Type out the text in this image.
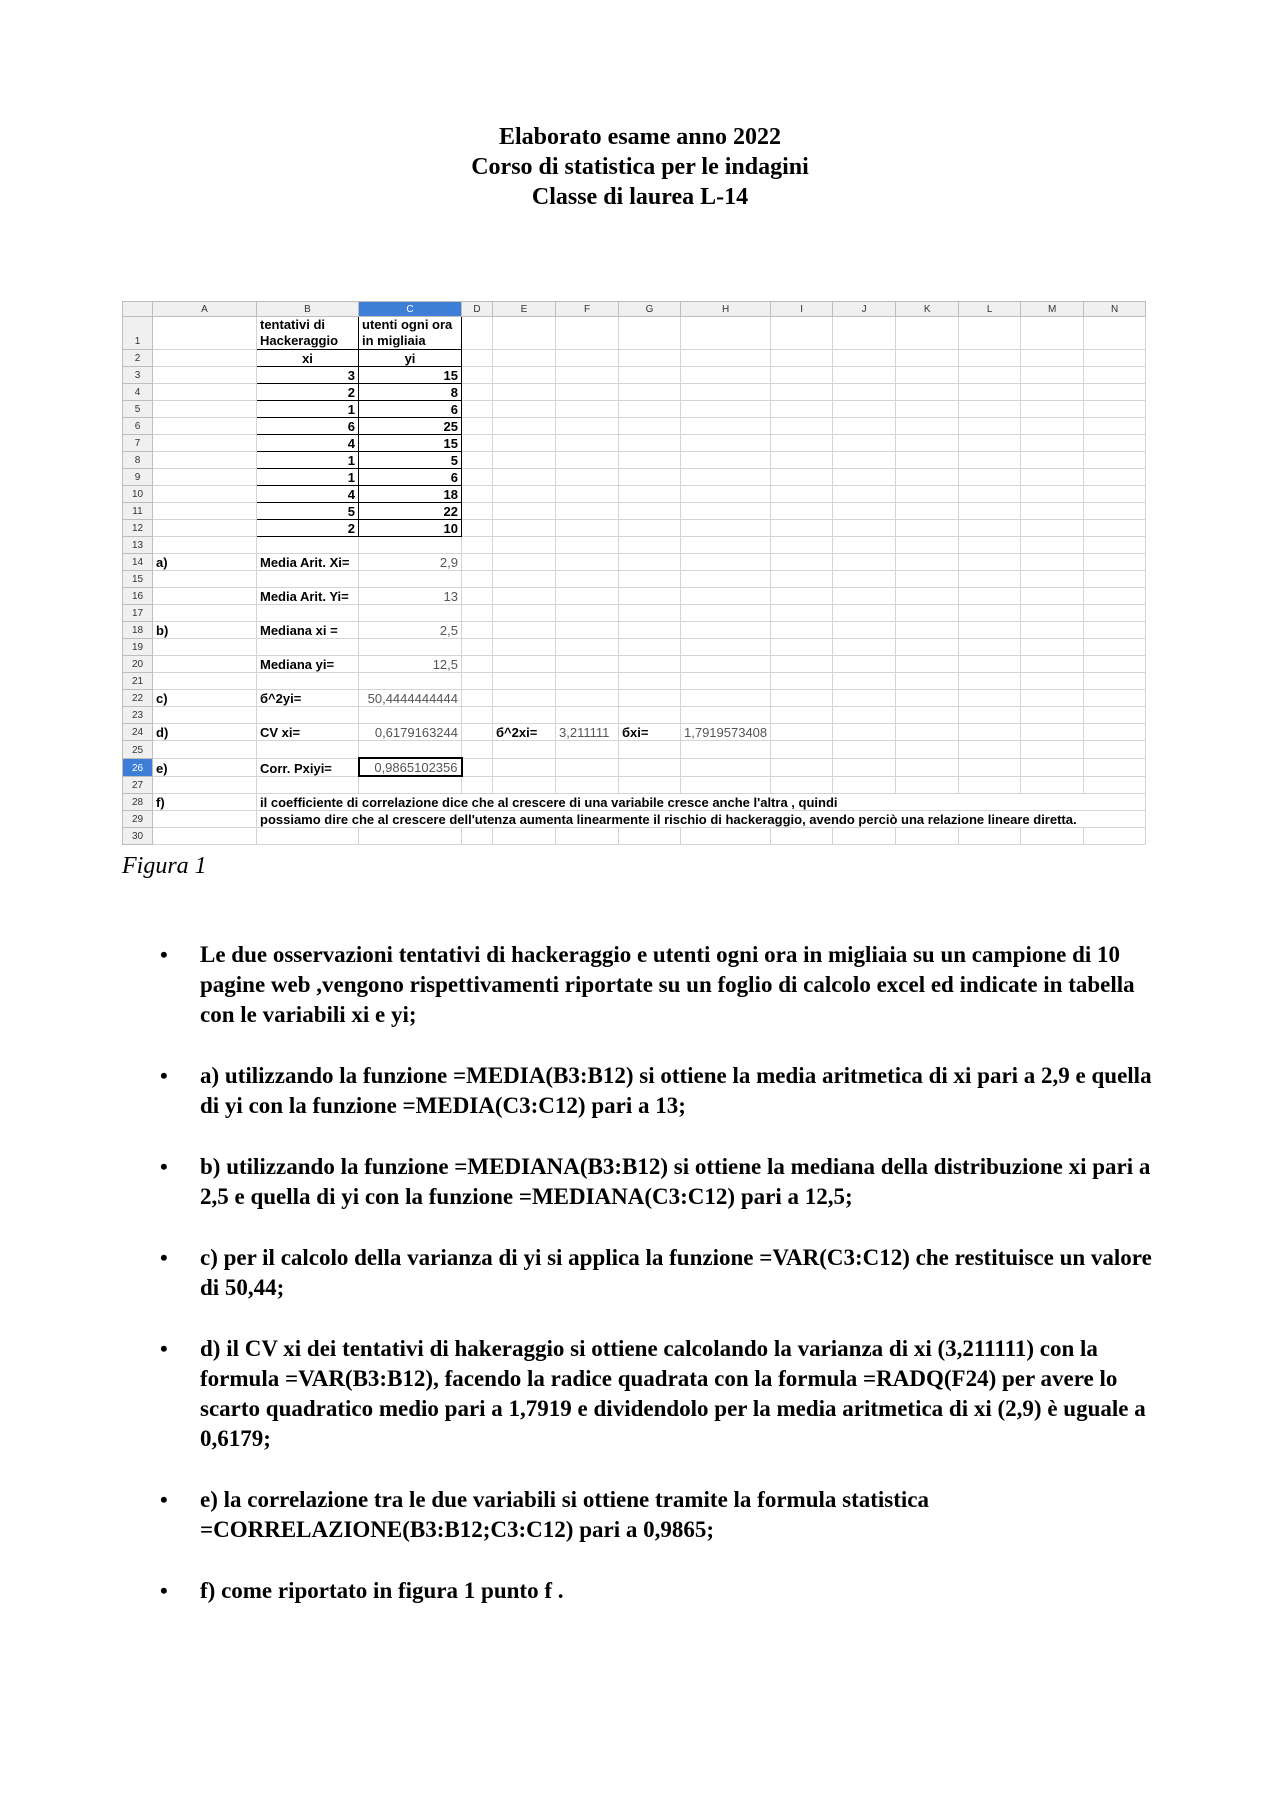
Elaborato esame anno 2022
Corso di statistica per le indagini
Classe di laurea L-14
	A	B	C	D	E	F	G	H	I	J	K	L	M	N
1		tentativi di Hackeraggio	utenti ogni ora in migliaia											
2		xi	yi											
3		3	15											
4		2	8											
5		1	6											
6		6	25											
7		4	15											
8		1	5											
9		1	6											
10		4	18											
11		5	22											
12		2	10											
13														
14	a)	Media Arit. Xi=	2,9											
15														
16		Media Arit. Yi=	13											
17														
18	b)	Mediana xi =	2,5											
19														
20		Mediana yi=	12,5											
21														
22	c)	б^2yi=	50,4444444444											
23														
24	d)	CV xi=	0,6179163244		б^2xi=	3,211111	бxi=	1,7919573408						
25														
26	e)	Corr. Pxiyi=	0,9865102356											
27														
28	f)	il coefficiente di correlazione dice che al crescere di una variabile cresce anche l'altra , quindi												
29		possiamo dire che al crescere dell'utenza aumenta linearmente il rischio di hackeraggio, avendo perciò una relazione lineare diretta.												
30														
Figura 1
• Le due osservazioni tentativi di hackeraggio e utenti ogni ora in migliaia su un campione di 10 pagine web ,vengono rispettivamenti riportate su un foglio di calcolo excel ed indicate in tabella con le variabili xi e yi;
• a) utilizzando la funzione =MEDIA(B3:B12) si ottiene la media aritmetica di xi pari a 2,9 e quella di yi con la funzione =MEDIA(C3:C12) pari a 13;
• b) utilizzando la funzione =MEDIANA(B3:B12) si ottiene la mediana della distribuzione xi pari a 2,5 e quella di yi con la funzione =MEDIANA(C3:C12) pari a 12,5;
• c) per il calcolo della varianza di yi si applica la funzione =VAR(C3:C12) che restituisce un valore di 50,44;
• d) il CV xi dei tentativi di hakeraggio si ottiene calcolando la varianza di xi (3,211111) con la formula =VAR(B3:B12), facendo la radice quadrata con la formula =RADQ(F24) per avere lo scarto quadratico medio pari a 1,7919 e dividendolo per la media aritmetica di xi (2,9) è uguale a 0,6179;
• e) la correlazione tra le due variabili si ottiene tramite la formula statistica =CORRELAZIONE(B3:B12;C3:C12) pari a 0,9865;
• f) come riportato in figura 1 punto f .
